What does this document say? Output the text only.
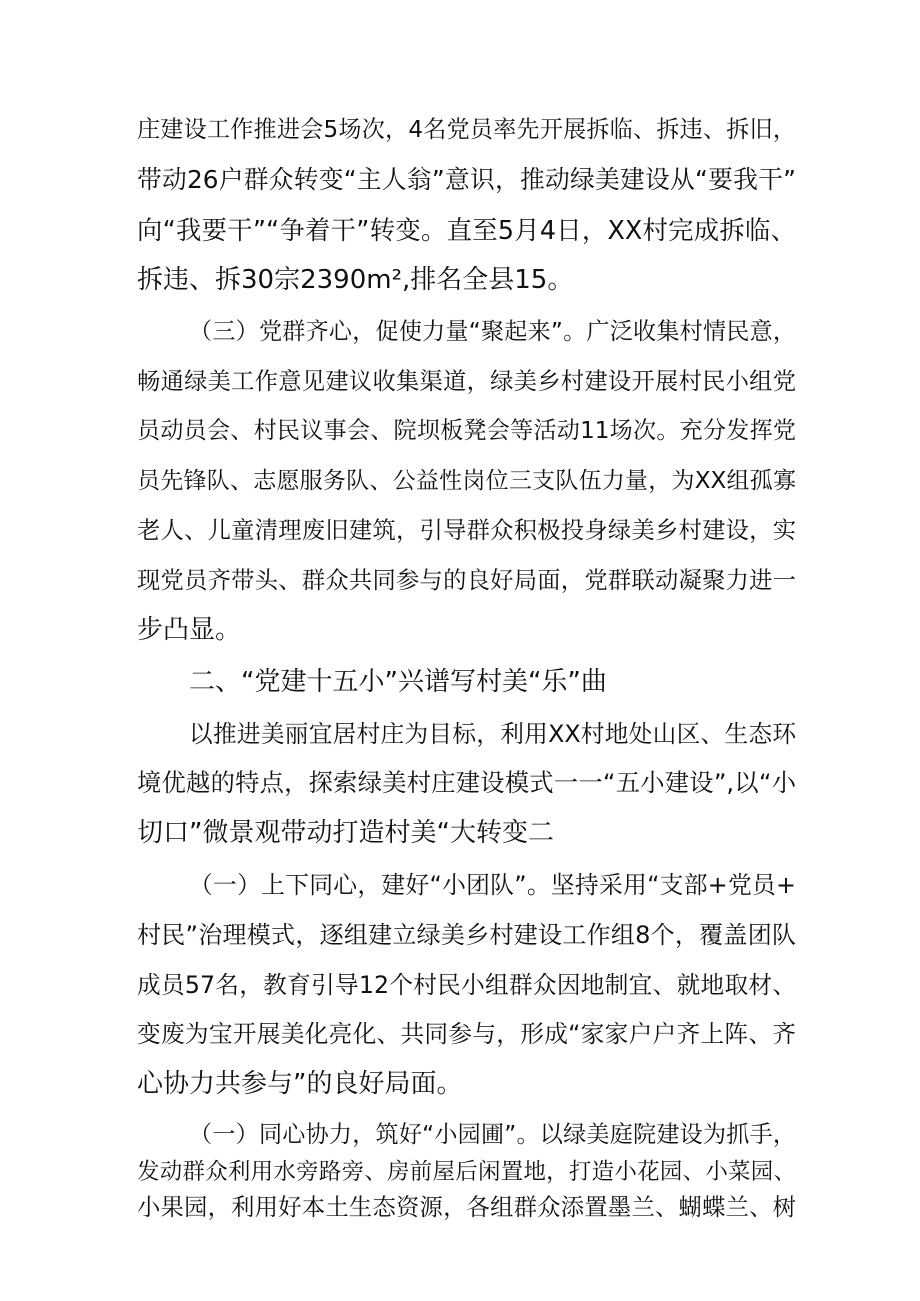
庄建设工作推进会5场次，4名党员率先开展拆临、拆违、拆旧，
带动26户群众转变“主人翁”意识，推动绿美建设从“要我干”
向“我要干”“争着干”转变。直至5月4日，XX村完成拆临、
拆违、拆30宗2390m²,排名全县15。
（三）党群齐心，促使力量“聚起来”。广泛收集村情民意，
畅通绿美工作意见建议收集渠道，绿美乡村建设开展村民小组党
员动员会、村民议事会、院坝板凳会等活动11场次。充分发挥党
员先锋队、志愿服务队、公益性岗位三支队伍力量，为XX组孤寡
老人、儿童清理废旧建筑，引导群众积极投身绿美乡村建设，实
现党员齐带头、群众共同参与的良好局面，党群联动凝聚力进一
步凸显。
二、“党建十五小”兴谱写村美“乐”曲
以推进美丽宜居村庄为目标，利用XX村地处山区、生态环
境优越的特点，探索绿美村庄建设模式一一“五小建设”,以“小
切口”微景观带动打造村美“大转变二
（一）上下同心，建好“小团队”。坚持采用“支部+党员+
村民”治理模式，逐组建立绿美乡村建设工作组8个，覆盖团队
成员57名，教育引导12个村民小组群众因地制宜、就地取材、
变废为宝开展美化亮化、共同参与，形成“家家户户齐上阵、齐
心协力共参与”的良好局面。
（一）同心协力，筑好“小园圃”。以绿美庭院建设为抓手，
发动群众利用水旁路旁、房前屋后闲置地，打造小花园、小菜园、
小果园，利用好本土生态资源，各组群众添置墨兰、蝴蝶兰、树
